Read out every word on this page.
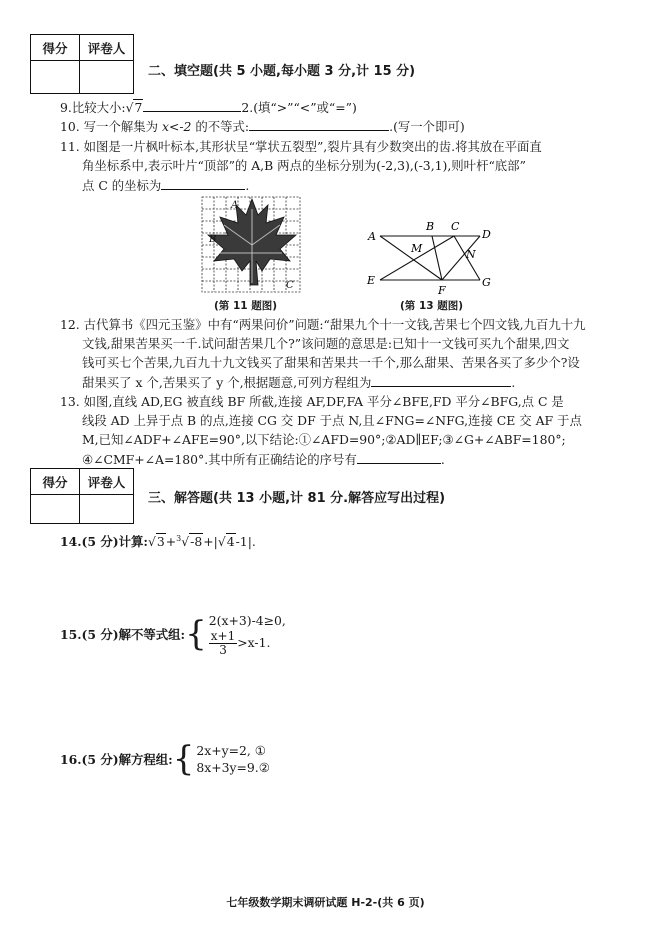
得分	评卷人

二、填空题(共 5 小题,每小题 3 分,计 15 分)
9.比较大小:√7	2.(填“>”“<”或“=”)
10. 写一个解集为 x<-2 的不等式:	.(写一个即可)
11. 如图是一片枫叶标本,其形状呈“掌状五裂型”,裂片具有少数突出的齿.将其放在平面直
角坐标系中,表示叶片“顶部”的 A,B 两点的坐标分别为(-2,3),(-3,1),则叶杆“底部”
点 C 的坐标为	.
A
B
C
(第 11 题图)
A
B C
D
M	N
E
F
G
(第 13 题图)
12. 古代算书《四元玉鉴》中有“两果问价”问题:“甜果九个十一文钱,苦果七个四文钱,九百九十九
文钱,甜果苦果买一千.试问甜苦果几个?”该问题的意思是:已知十一文钱可买九个甜果,四文
钱可买七个苦果,九百九十九文钱买了甜果和苦果共一千个,那么甜果、苦果各买了多少个?设
甜果买了 x 个,苦果买了 y 个,根据题意,可列方程组为	.
13. 如图,直线 AD,EG 被直线 BF 所截,连接 AF,DF,FA 平分∠BFE,FD 平分∠BFG,点 C 是
线段 AD 上异于点 B 的点,连接 CG 交 DF 于点 N,且∠FNG=∠NFG,连接 CE 交 AF 于点
M,已知∠ADF+∠AFE=90°,以下结论:①∠AFD=90°;②AD∥EF;③∠G+∠ABF=180°;
④∠CMF+∠A=180°.其中所有正确结论的序号有	.
得分	评卷人

三、解答题(共 13 小题,计 81 分.解答应写出过程)
14.(5 分)计算:√3+$^3$√-8+|√4-1|.
15.(5 分)解不等式组:	{	2(x+3)-4≥0,
$\frac{x+1}{3} >x-1$.
16.(5 分)解方程组:	{	2x+y=2, ①
8x+3y=9.②
七年级数学期末调研试题 H-2-(共 6 页)
